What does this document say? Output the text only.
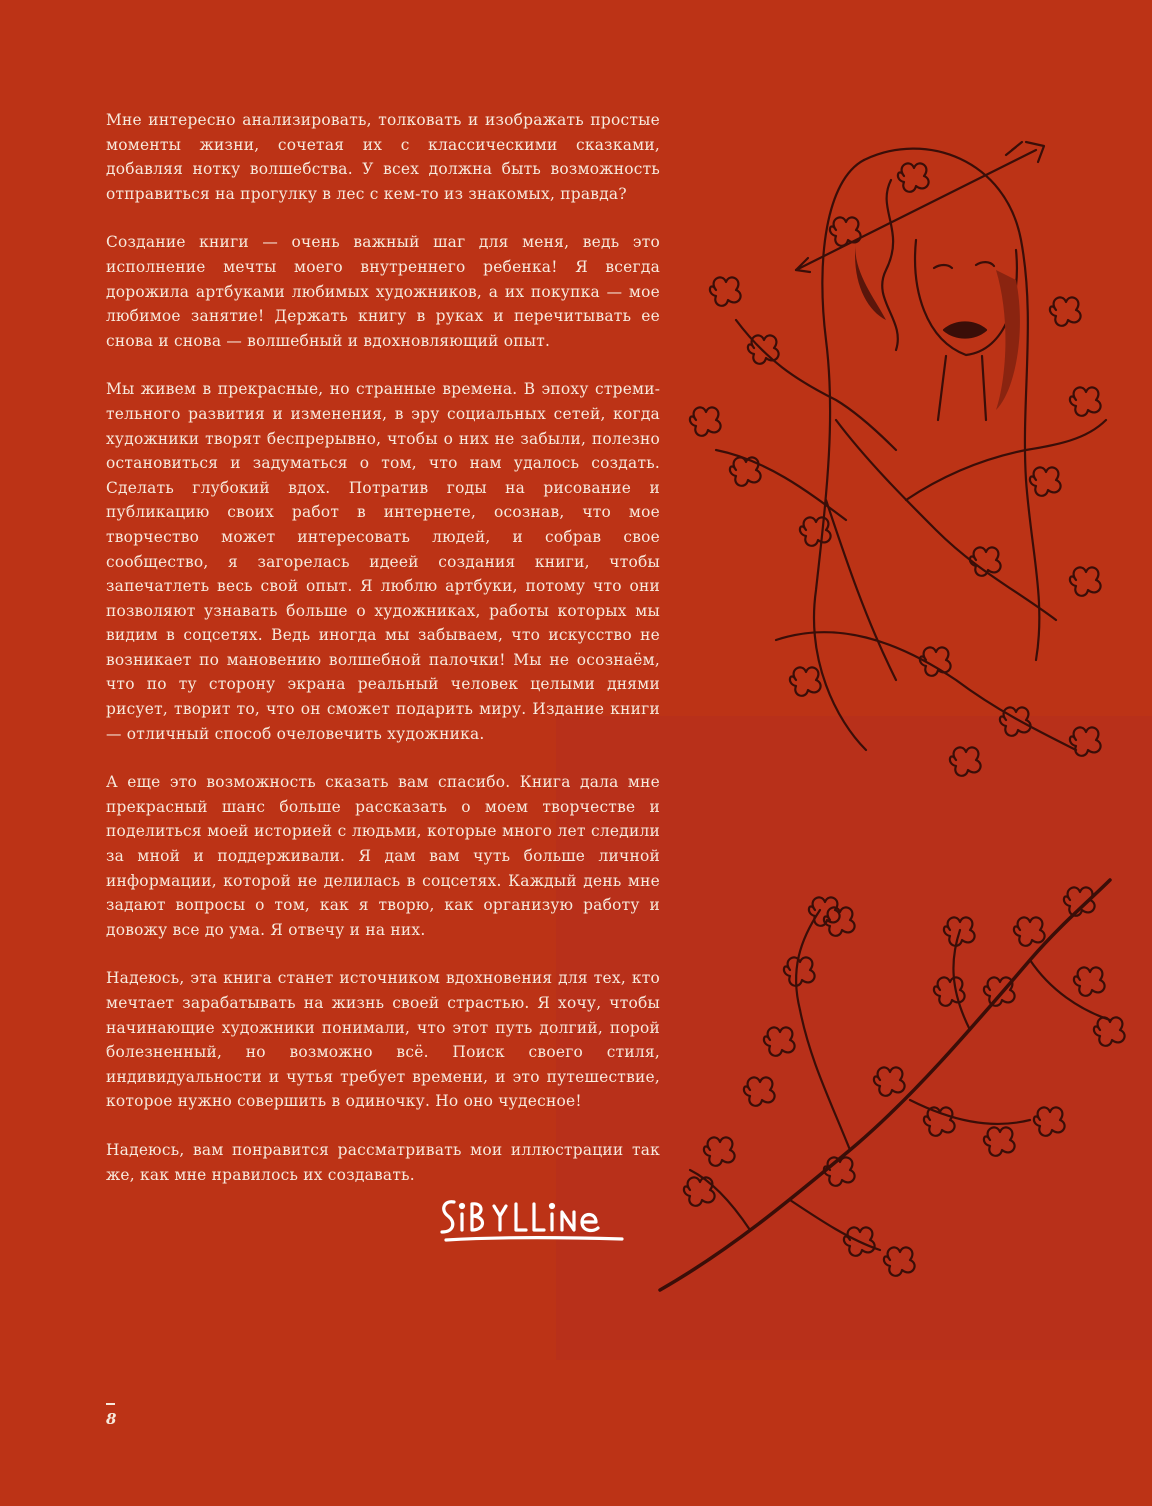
Мне интересно анализировать, толковать и изображать простые моменты жизни, сочетая их с классическими сказками, добавляя нотку волшебства. У всех должна быть возможность отправиться на прогулку в лес с кем-то из знакомых, правда?

Создание книги — очень важный шаг для меня, ведь это исполнение мечты моего внутреннего ребенка! Я всегда дорожила артбуками любимых художников, а их покупка — мое любимое занятие! Держать книгу в руках и перечитывать ее снова и снова — волшебный и вдохновляющий опыт.

Мы живем в прекрасные, но странные времена. В эпоху стремительного развития и изменения, в эру социальных сетей, когда художники творят беспрерывно, чтобы о них не забыли, полезно остановиться и задуматься о том, что нам удалось создать. Сделать глубокий вдох. Потратив годы на рисование и публикацию своих работ в интернете, осознав, что мое творчество может интересовать людей, и собрав свое сообщество, я загорелась идеей создания книги, чтобы запечатлеть весь свой опыт. Я люблю артбуки, потому что они позволяют узнавать больше о художниках, работы которых мы видим в соцсетях. Ведь иногда мы забываем, что искусство не возникает по мановению волшебной палочки! Мы не осознаём, что по ту сторону экрана реальный человек целыми днями рисует, творит то, что он сможет подарить миру. Издание книги — отличный способ очеловечить художника.

А еще это возможность сказать вам спасибо. Книга дала мне прекрасный шанс больше рассказать о моем творчестве и поделиться моей историей с людьми, которые много лет следили за мной и поддерживали. Я дам вам чуть больше личной информации, которой не делилась в соцсетях. Каждый день мне задают вопросы о том, как я творю, как организую работу и довожу все до ума. Я отвечу и на них.

Надеюсь, эта книга станет источником вдохновения для тех, кто мечтает зарабатывать на жизнь своей страстью. Я хочу, чтобы начинающие художники понимали, что этот путь долгий, порой болезненный, но возможно всё. Поиск своего стиля, индивидуальности и чутья требует времени, и это путешествие, которое нужно совершить в одиночку. Но оно чудесное!

Надеюсь, вам понравится рассматривать мои иллюстрации так же, как мне нравилось их создавать.

8
